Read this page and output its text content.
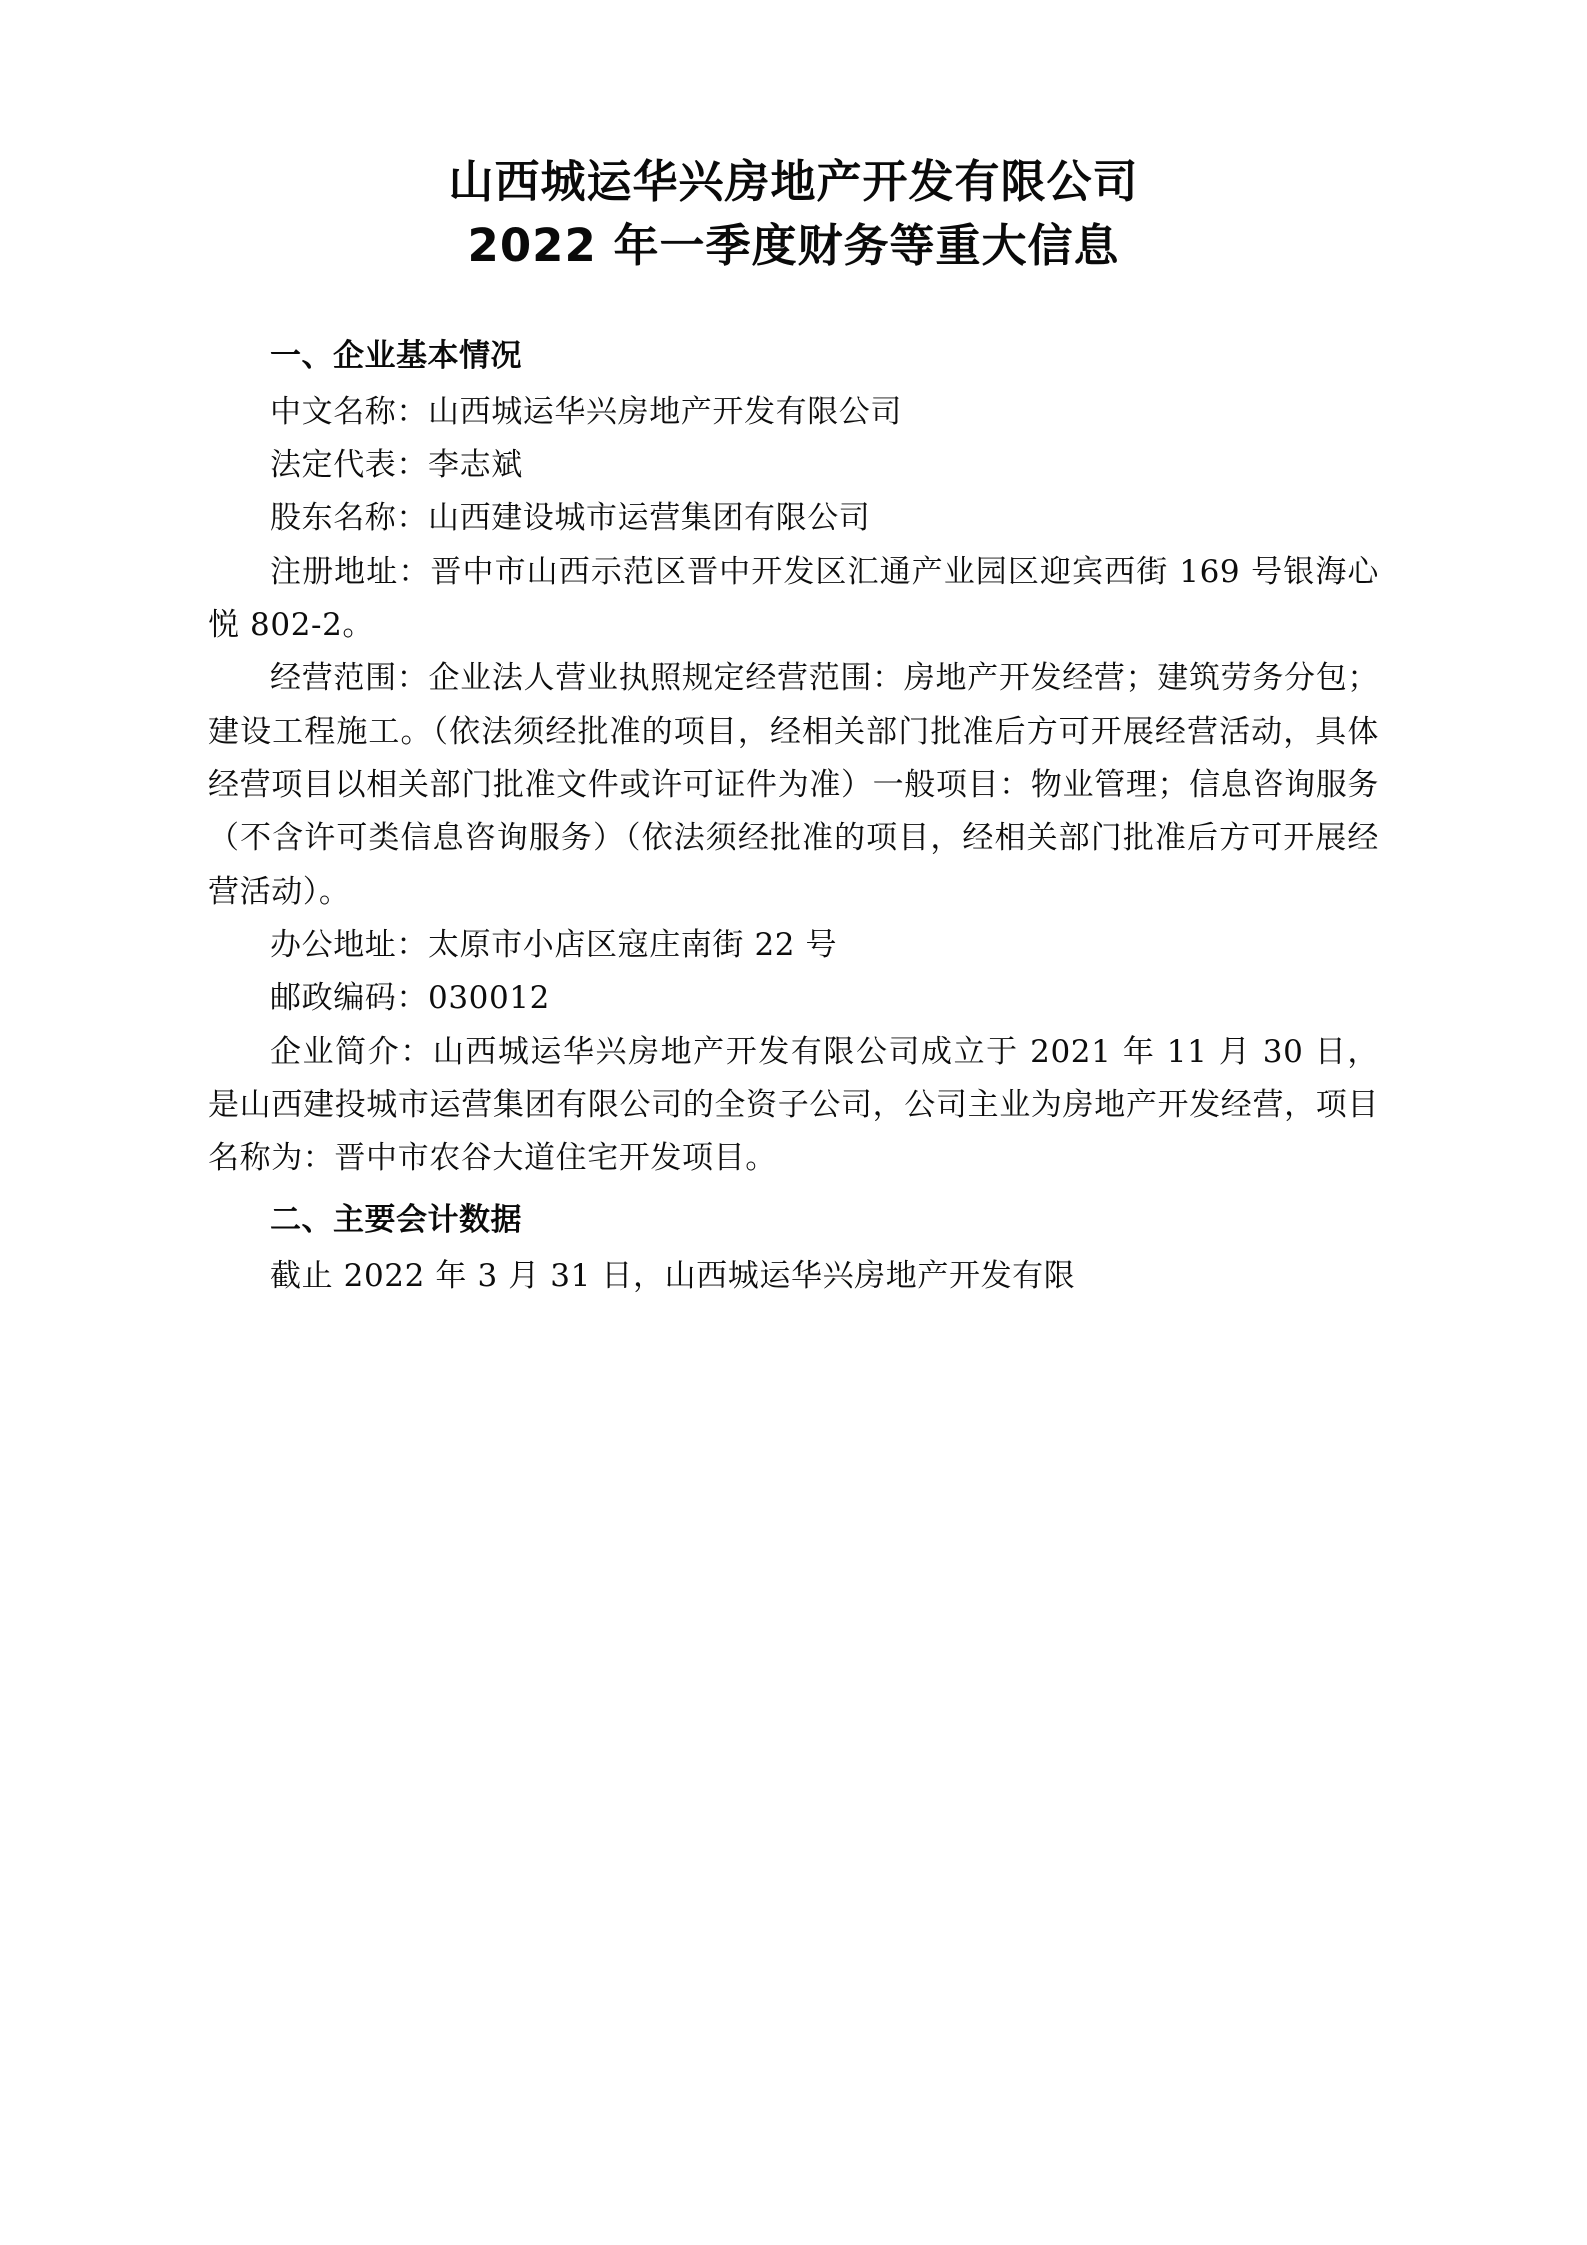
山西城运华兴房地产开发有限公司
2022 年一季度财务等重大信息
一、企业基本情况

中文名称：山西城运华兴房地产开发有限公司

法定代表：李志斌

股东名称：山西建设城市运营集团有限公司

注册地址：晋中市山西示范区晋中开发区汇通产业园区迎宾西街 169 号银海心悦 802-2。

经营范围：企业法人营业执照规定经营范围：房地产开发经营；建筑劳务分包；建设工程施工。（依法须经批准的项目，经相关部门批准后方可开展经营活动，具体经营项目以相关部门批准文件或许可证件为准）一般项目：物业管理；信息咨询服务（不含许可类信息咨询服务）（依法须经批准的项目，经相关部门批准后方可开展经营活动）。

办公地址：太原市小店区寇庄南街 22 号

邮政编码：030012

企业简介：山西城运华兴房地产开发有限公司成立于 2021 年 11 月 30 日，是山西建投城市运营集团有限公司的全资子公司，公司主业为房地产开发经营，项目名称为：晋中市农谷大道住宅开发项目。

二、主要会计数据

截止 2022 年 3 月 31 日，山西城运华兴房地产开发有限
